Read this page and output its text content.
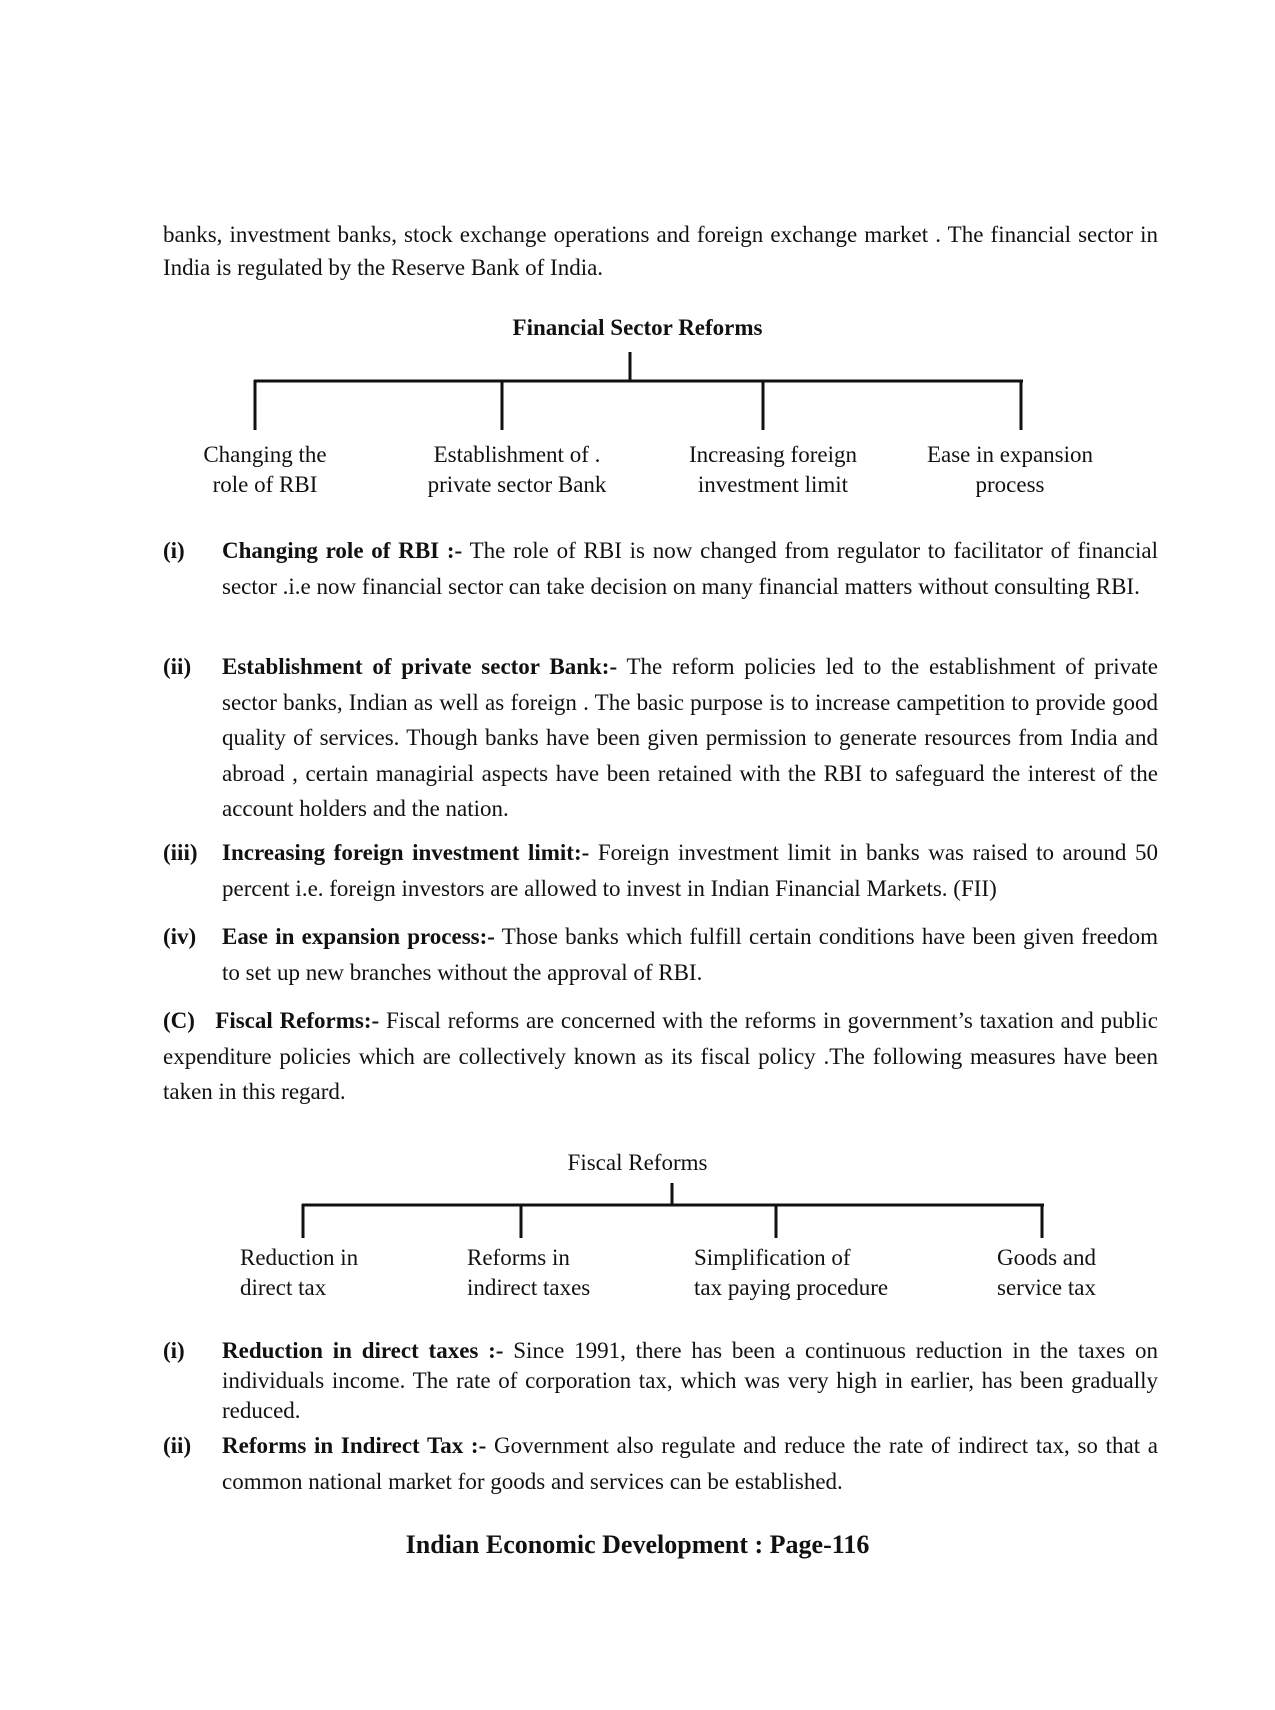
banks, investment banks, stock exchange operations and foreign exchange market . The financial sector in India is regulated by the Reserve Bank of India.

Financial Sector Reforms

Changing the
role of RBI
Establishment of .
private sector Bank
Increasing foreign
investment limit
Ease in expansion
process
(i) Changing role of RBI :- The role of RBI is now changed from regulator to facilitator of financial sector .i.e now financial sector can take decision on many financial matters without consulting RBI.
(ii) Establishment of private sector Bank:- The reform policies led to the establishment of private sector banks, Indian as well as foreign . The basic purpose is to increase campetition to provide good quality of services. Though banks have been given permission to generate resources from India and abroad , certain managirial aspects have been retained with the RBI to safeguard the interest of the account holders and the nation.
(iii) Increasing foreign investment limit:- Foreign investment limit in banks was raised to around 50 percent i.e. foreign investors are allowed to invest in Indian Financial Markets. (FII)
(iv) Ease in expansion process:- Those banks which fulfill certain conditions have been given freedom to set up new branches without the approval of RBI.

(C) Fiscal Reforms:- Fiscal reforms are concerned with the reforms in government’s taxation and public expenditure policies which are collectively known as its fiscal policy .The following measures have been taken in this regard.

Fiscal Reforms

Reduction in
direct tax
Reforms in
indirect taxes
Simplification of
tax paying procedure
Goods and
service tax
(i) Reduction in direct taxes :- Since 1991, there has been a continuous reduction in the taxes on individuals income. The rate of corporation tax, which was very high in earlier, has been gradually reduced.
(ii) Reforms in Indirect Tax :- Government also regulate and reduce the rate of indirect tax, so that a common national market for goods and services can be established.

Indian Economic Development : Page-116
